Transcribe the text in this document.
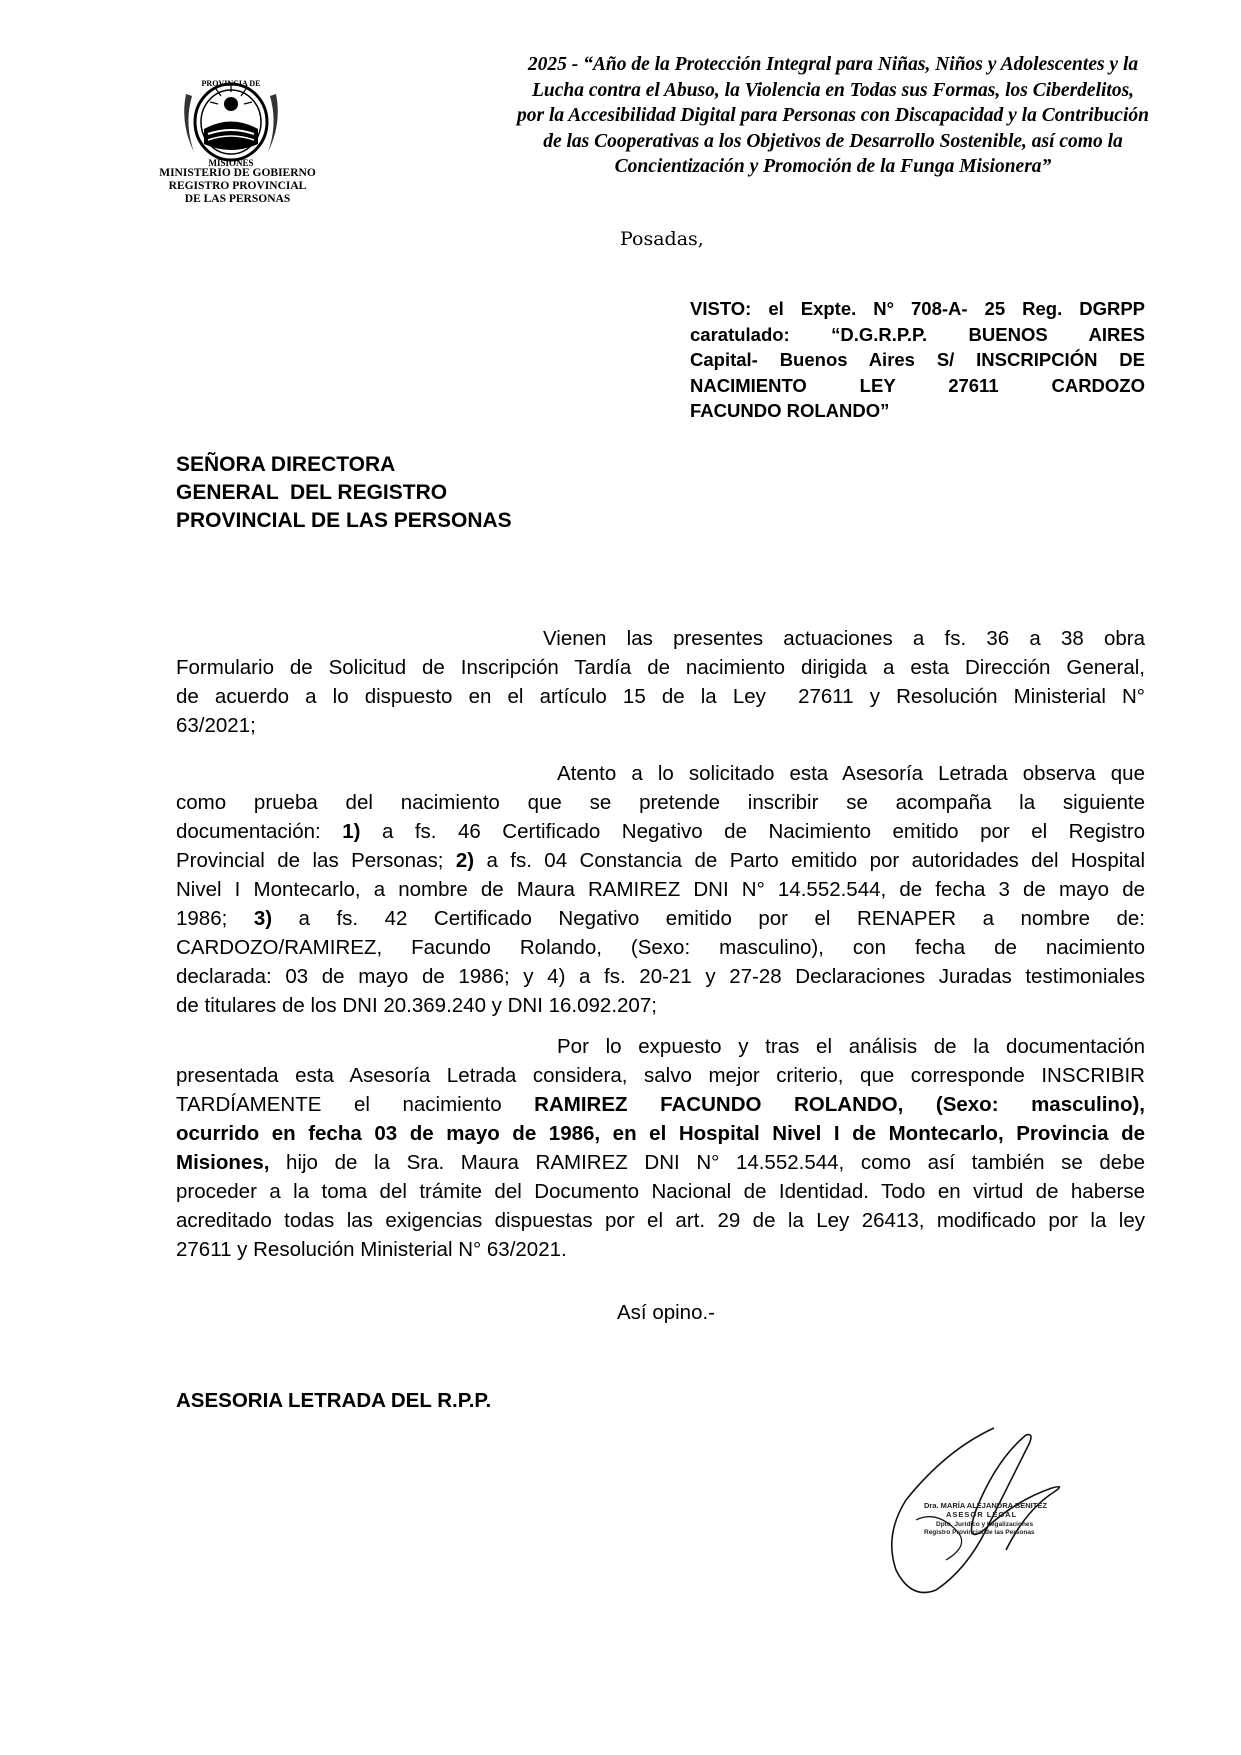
PROVINCIA DE
MISIONES
MINISTERIO DE GOBIERNO
REGISTRO PROVINCIAL
DE LAS PERSONAS
2025 - “Año de la Protección Integral para Niñas, Niños y Adolescentes y la
Lucha contra el Abuso, la Violencia en Todas sus Formas, los Ciberdelitos,
por la Accesibilidad Digital para Personas con Discapacidad y la Contribución
de las Cooperativas a los Objetivos de Desarrollo Sostenible, así como la
Concientización y Promoción de la Funga Misionera”
Posadas,
VISTO: el Expte. N° 708-A- 25 Reg. DGRPP
caratulado: “D.G.R.P.P. BUENOS AIRES
Capital- Buenos Aires S/ INSCRIPCIÓN DE
NACIMIENTO LEY 27611 CARDOZO
FACUNDO ROLANDO”
SEÑORA DIRECTORA
GENERAL  DEL REGISTRO
PROVINCIAL DE LAS PERSONAS
Vienen las presentes actuaciones a fs. 36 a 38 obra
Formulario de Solicitud de Inscripción Tardía de nacimiento dirigida a esta Dirección General,
de acuerdo a lo dispuesto en el artículo 15 de la Ley  27611 y Resolución Ministerial N°
63/2021;
Atento a lo solicitado esta Asesoría Letrada observa que
como prueba del nacimiento que se pretende inscribir se acompaña la siguiente
documentación: 1) a fs. 46 Certificado Negativo de Nacimiento emitido por el Registro
Provincial de las Personas; 2) a fs. 04 Constancia de Parto emitido por autoridades del Hospital
Nivel I Montecarlo, a nombre de Maura RAMIREZ DNI N° 14.552.544, de fecha 3 de mayo de
1986; 3) a fs. 42 Certificado Negativo emitido por el RENAPER a nombre de:
CARDOZO/RAMIREZ, Facundo Rolando, (Sexo: masculino), con fecha de nacimiento
declarada: 03 de mayo de 1986; y 4) a fs. 20-21 y 27-28 Declaraciones Juradas testimoniales
de titulares de los DNI 20.369.240 y DNI 16.092.207;
Por lo expuesto y tras el análisis de la documentación
presentada esta Asesoría Letrada considera, salvo mejor criterio, que corresponde INSCRIBIR
TARDÍAMENTE el nacimiento RAMIREZ FACUNDO ROLANDO, (Sexo: masculino),
ocurrido en fecha 03 de mayo de 1986, en el Hospital Nivel I de Montecarlo, Provincia de
Misiones, hijo de la Sra. Maura RAMIREZ DNI N° 14.552.544, como así también se debe
proceder a la toma del trámite del Documento Nacional de Identidad. Todo en virtud de haberse
acreditado todas las exigencias dispuestas por el art. 29 de la Ley 26413, modificado por la ley
27611 y Resolución Ministerial N° 63/2021.
Así opino.-
ASESORIA LETRADA DEL R.P.P.
Dra. MARÍA ALEJANDRA BENITEZ
ASESOR LEGAL
Dpto. Jurídico y Legalizaciones
Registro Provincial de las Personas
